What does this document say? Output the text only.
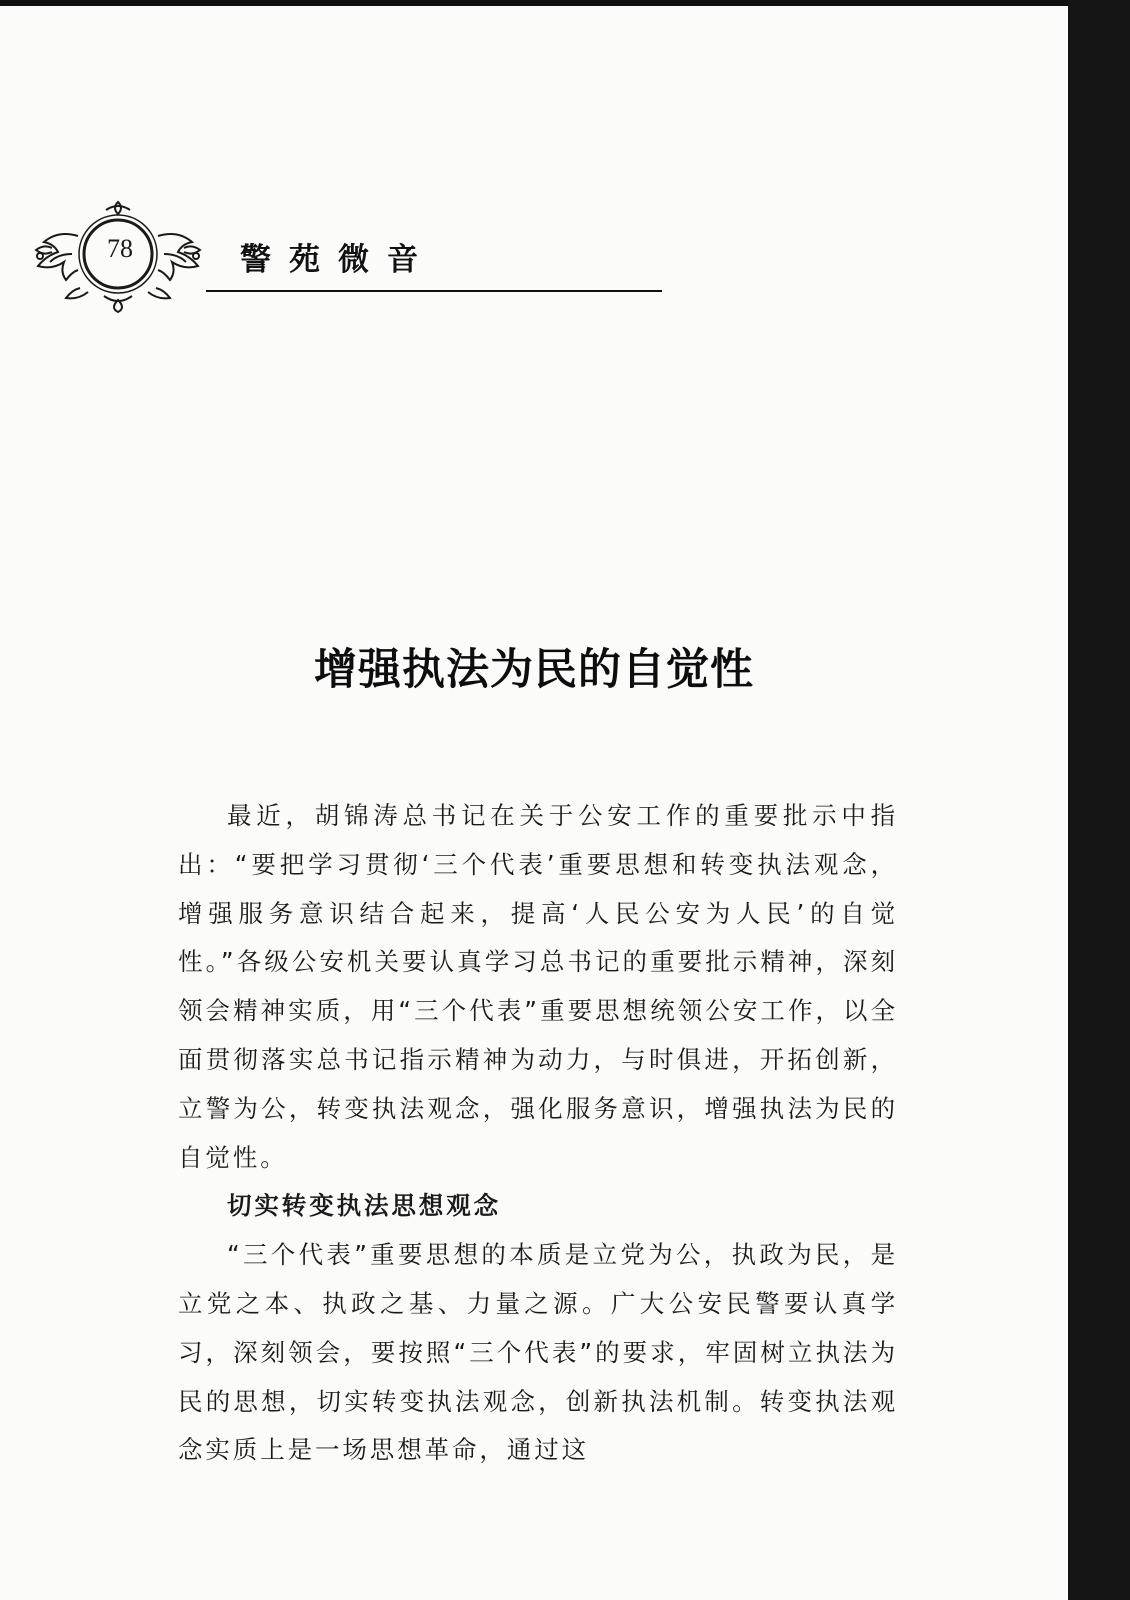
78	警苑微音
增强执法为民的自觉性

最近，胡锦涛总书记在关于公安工作的重要批示中指出：“要把学习贯彻‘三个代表’重要思想和转变执法观念，增强服务意识结合起来，提高‘人民公安为人民’的自觉性。”各级公安机关要认真学习总书记的重要批示精神，深刻领会精神实质，用“三个代表”重要思想统领公安工作，以全面贯彻落实总书记指示精神为动力，与时俱进，开拓创新，立警为公，转变执法观念，强化服务意识，增强执法为民的自觉性。

切实转变执法思想观念

“三个代表”重要思想的本质是立党为公，执政为民，是立党之本、执政之基、力量之源。广大公安民警要认真学习，深刻领会，要按照“三个代表”的要求，牢固树立执法为民的思想，切实转变执法观念，创新执法机制。转变执法观念实质上是一场思想革命，通过这
